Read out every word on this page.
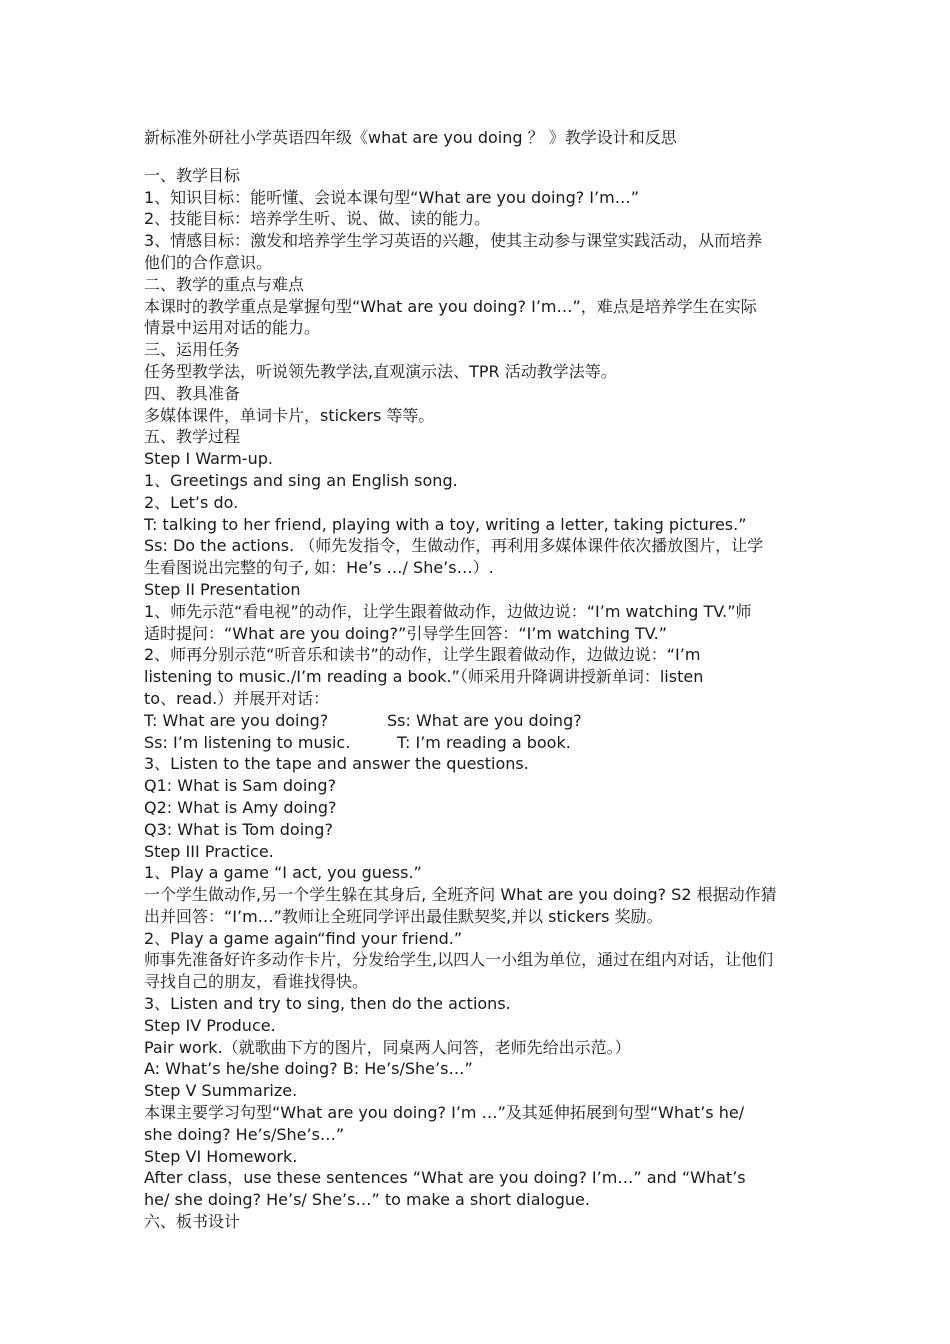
新标准外研社小学英语四年级《what are you doing ？ 》教学设计和反思
一、教学目标
1、知识目标：能听懂、会说本课句型“What are you doing? I’m…”
2、技能目标：培养学生听、说、做、读的能力。
3、情感目标：激发和培养学生学习英语的兴趣，使其主动参与课堂实践活动，从而培养
他们的合作意识。
二、教学的重点与难点
本课时的教学重点是掌握句型“What are you doing? I’m…”，难点是培养学生在实际
情景中运用对话的能力。
三、运用任务
任务型教学法，听说领先教学法,直观演示法、TPR 活动教学法等。
四、教具准备
多媒体课件，单词卡片，stickers 等等。
五、教学过程
Step I Warm-up.
1、Greetings and sing an English song.
2、Let’s do.
T: talking to her friend, playing with a toy, writing a letter, taking pictures.”
Ss: Do the actions. （师先发指令，生做动作，再利用多媒体课件依次播放图片，让学
生看图说出完整的句子, 如：He’s …/ She’s…）.
Step II Presentation
1、师先示范“看电视”的动作，让学生跟着做动作，边做边说：“I’m watching TV.”师
适时提问：“What are you doing?”引导学生回答：“I’m watching TV.”
2、师再分别示范“听音乐和读书”的动作，让学生跟着做动作，边做边说：“I’m
listening to music./I’m reading a book.”（师采用升降调讲授新单词：listen
to、read.）并展开对话：
T: What are you doing?	Ss: What are you doing?
Ss: I’m listening to music.	T: I’m reading a book.
3、Listen to the tape and answer the questions.
Q1: What is Sam doing?
Q2: What is Amy doing?
Q3: What is Tom doing?
Step III Practice.
1、Play a game “I act, you guess.”
一个学生做动作,另一个学生躲在其身后, 全班齐问 What are you doing? S2 根据动作猜
出并回答：“I’m…”教师让全班同学评出最佳默契奖,并以 stickers 奖励。
2、Play a game again“find your friend.”
师事先准备好许多动作卡片，分发给学生,以四人一小组为单位，通过在组内对话，让他们
寻找自己的朋友，看谁找得快。
3、Listen and try to sing, then do the actions.
Step IV Produce.
Pair work.（就歌曲下方的图片，同桌两人问答，老师先给出示范。）
A: What’s he/she doing? B: He’s/She’s…”
Step V Summarize.
本课主要学习句型“What are you doing? I’m …”及其延伸拓展到句型“What’s he/
she doing? He’s/She’s…”
Step VI Homework.
After class，use these sentences “What are you doing? I’m…” and “What’s
he/ she doing? He’s/ She’s…” to make a short dialogue.
六、板书设计
